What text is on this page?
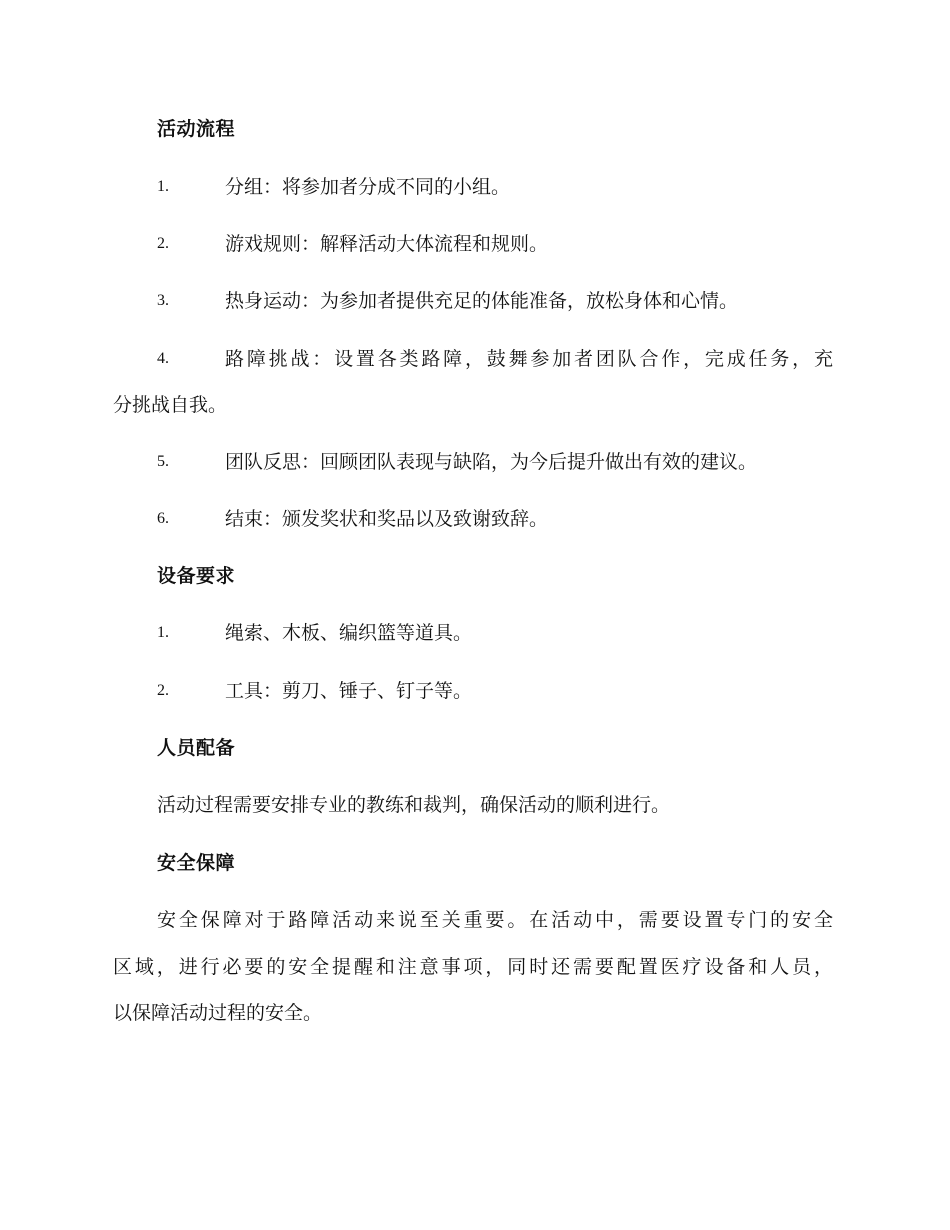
活动流程
1.	分组：将参加者分成不同的小组。
2.	游戏规则：解释活动大体流程和规则。
3.	热身运动：为参加者提供充足的体能准备，放松身体和心情。
4.	路障挑战：设置各类路障，鼓舞参加者团队合作，完成任务，充
分挑战自我。
5.	团队反思：回顾团队表现与缺陷，为今后提升做出有效的建议。
6.	结束：颁发奖状和奖品以及致谢致辞。
设备要求
1.	绳索、木板、编织篮等道具。
2.	工具：剪刀、锤子、钉子等。
人员配备
活动过程需要安排专业的教练和裁判，确保活动的顺利进行。
安全保障
安全保障对于路障活动来说至关重要。在活动中，需要设置专门的安全
区域，进行必要的安全提醒和注意事项，同时还需要配置医疗设备和人员，
以保障活动过程的安全。
